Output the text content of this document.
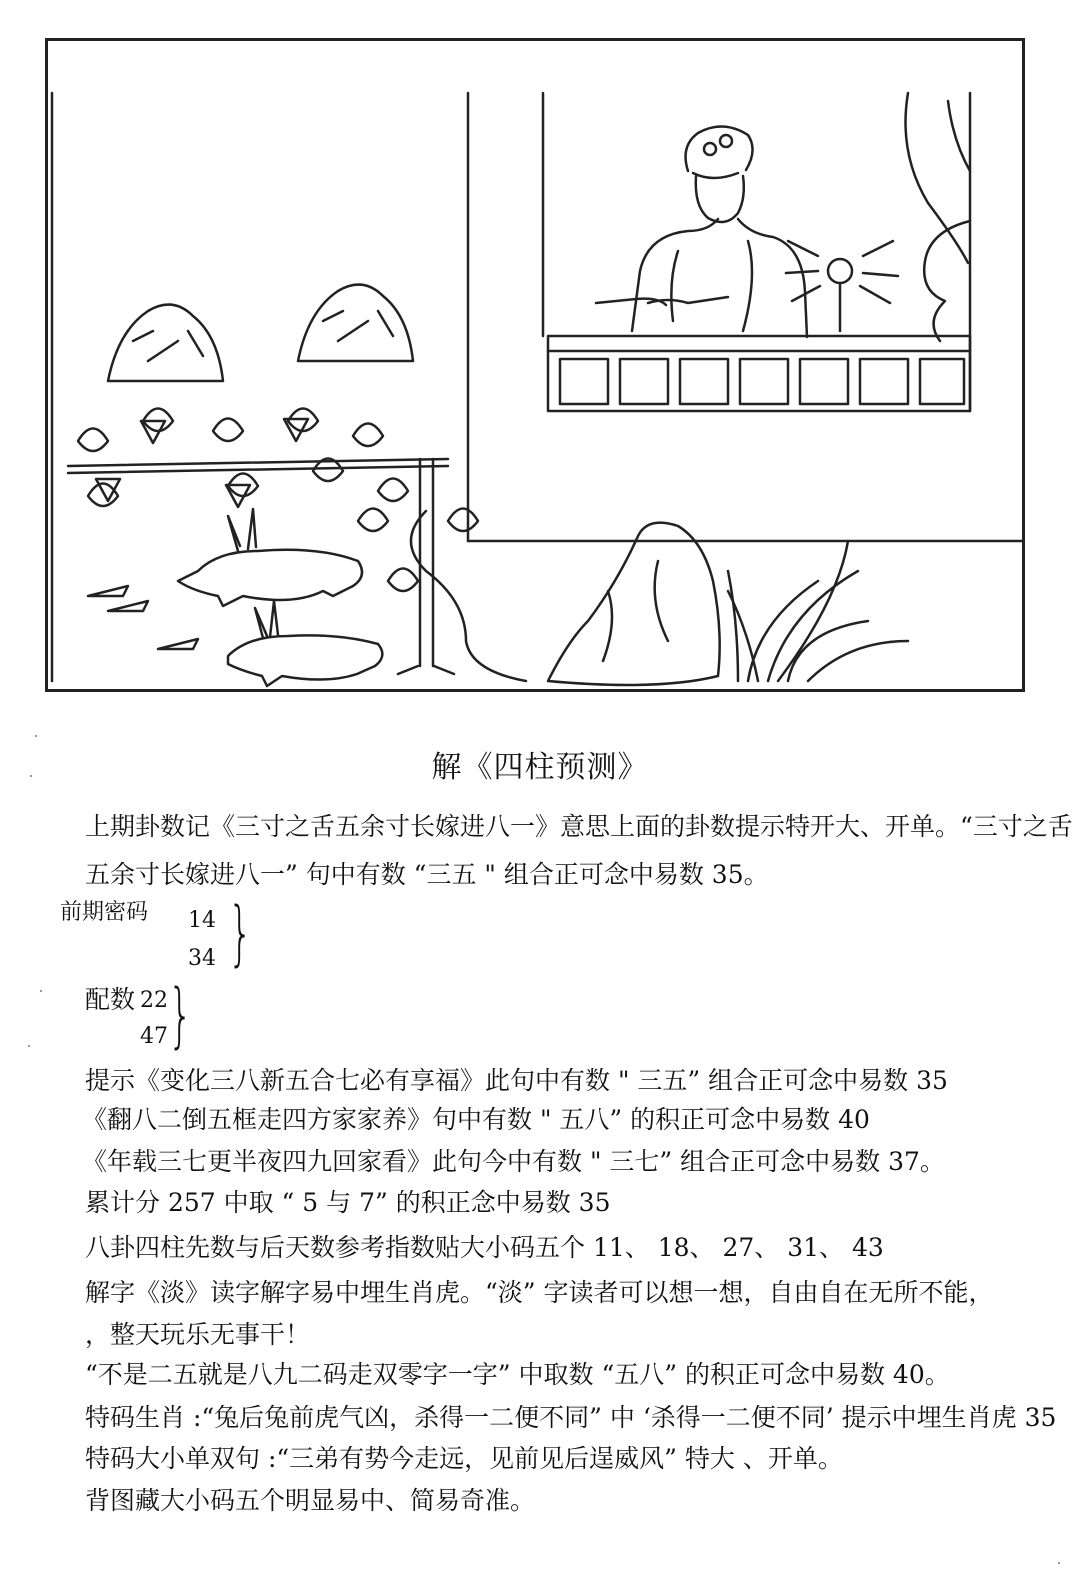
解《四柱预测》
上期卦数记《三寸之舌五余寸长嫁进八一》意思上面的卦数提示特开大、开单。“三寸之舌
五余寸长嫁进八一” 句中有数 “三五 " 组合正可念中易数 35。
前期密码 14
34 }
配数 22
47 }
提示《变化三八新五合七必有享福》此句中有数 " 三五” 组合正可念中易数 35
《翻八二倒五框走四方家家养》句中有数 " 五八” 的积正可念中易数 40
《年载三七更半夜四九回家看》此句今中有数 " 三七” 组合正可念中易数 37。
累计分 257 中取 “ 5 与 7” 的积正念中易数 35
八卦四柱先数与后天数参考指数贴大小码五个 11、 18、 27、 31、 43
解字《淡》读字解字易中埋生肖虎。“淡” 字读者可以想一想，自由自在无所不能，
，整天玩乐无事干！
“不是二五就是八九二码走双零字一字” 中取数 “五八” 的积正可念中易数 40。
特码生肖 :“兔后兔前虎气凶，杀得一二便不同” 中 ‘杀得一二便不同’ 提示中埋生肖虎 35
特码大小单双句 :“三弟有势今走远，见前见后逞威风” 特大 、开单。
背图藏大小码五个明显易中、简易奇准。
